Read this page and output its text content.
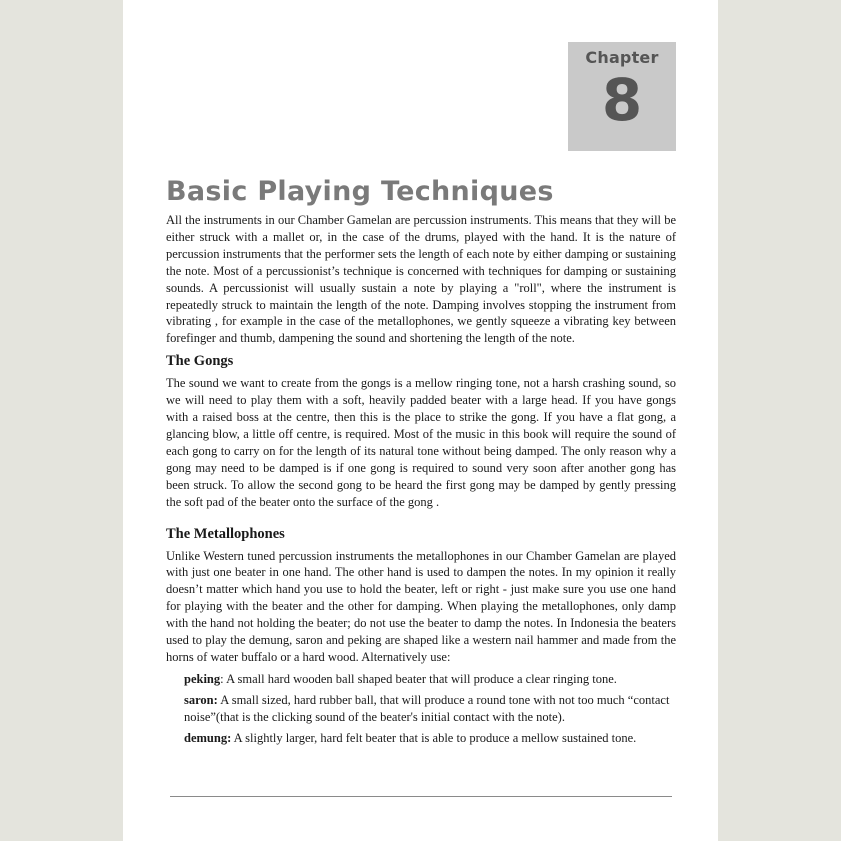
Chapter
8
Basic Playing Techniques

All the instruments in our Chamber Gamelan are percussion instruments. This means that they will be either struck with a mallet or, in the case of the drums, played with the hand. It is the nature of percussion instruments that the performer sets the length of each note by either damping or sustaining the note. Most of a percussionist’s technique is concerned with techniques for damping or sustaining sounds. A percussionist will usually sustain a note by playing a "roll", where the instrument is repeatedly struck to maintain the length of the note. Damping involves stopping the instrument from vibrating , for example in the case of the metallophones, we gently squeeze a vibrating key between forefinger and thumb, dampening the sound and shortening the length of the note.

The Gongs

The sound we want to create from the gongs is a mellow ringing tone, not a harsh crashing sound, so we will need to play them with a soft, heavily padded beater with a large head. If you have gongs with a raised boss at the centre, then this is the place to strike the gong. If you have a flat gong, a glancing blow, a little off centre, is required. Most of the music in this book will require the sound of each gong to carry on for the length of its natural tone without being damped. The only reason why a gong may need to be damped is if one gong is required to sound very soon after another gong has been struck. To allow the second gong to be heard the first gong may be damped by gently pressing the soft pad of the beater onto the surface of the gong .

The Metallophones

Unlike Western tuned percussion instruments the metallophones in our Chamber Gamelan are played with just one beater in one hand. The other hand is used to dampen the notes. In my opinion it really doesn’t matter which hand you use to hold the beater, left or right - just make sure you use one hand for playing with the beater and the other for damping. When playing the metallophones, only damp with the hand not holding the beater; do not use the beater to damp the notes. In Indonesia the beaters used to play the demung, saron and peking are shaped like a western nail hammer and made from the horns of water buffalo or a hard wood. Alternatively use:

peking: A small hard wooden ball shaped beater that will produce a clear ringing tone.
saron: A small sized, hard rubber ball, that will produce a round tone with not too much “contact noise”(that is the clicking sound of the beater's initial contact with the note).
demung: A slightly larger, hard felt beater that is able to produce a mellow sustained tone.
